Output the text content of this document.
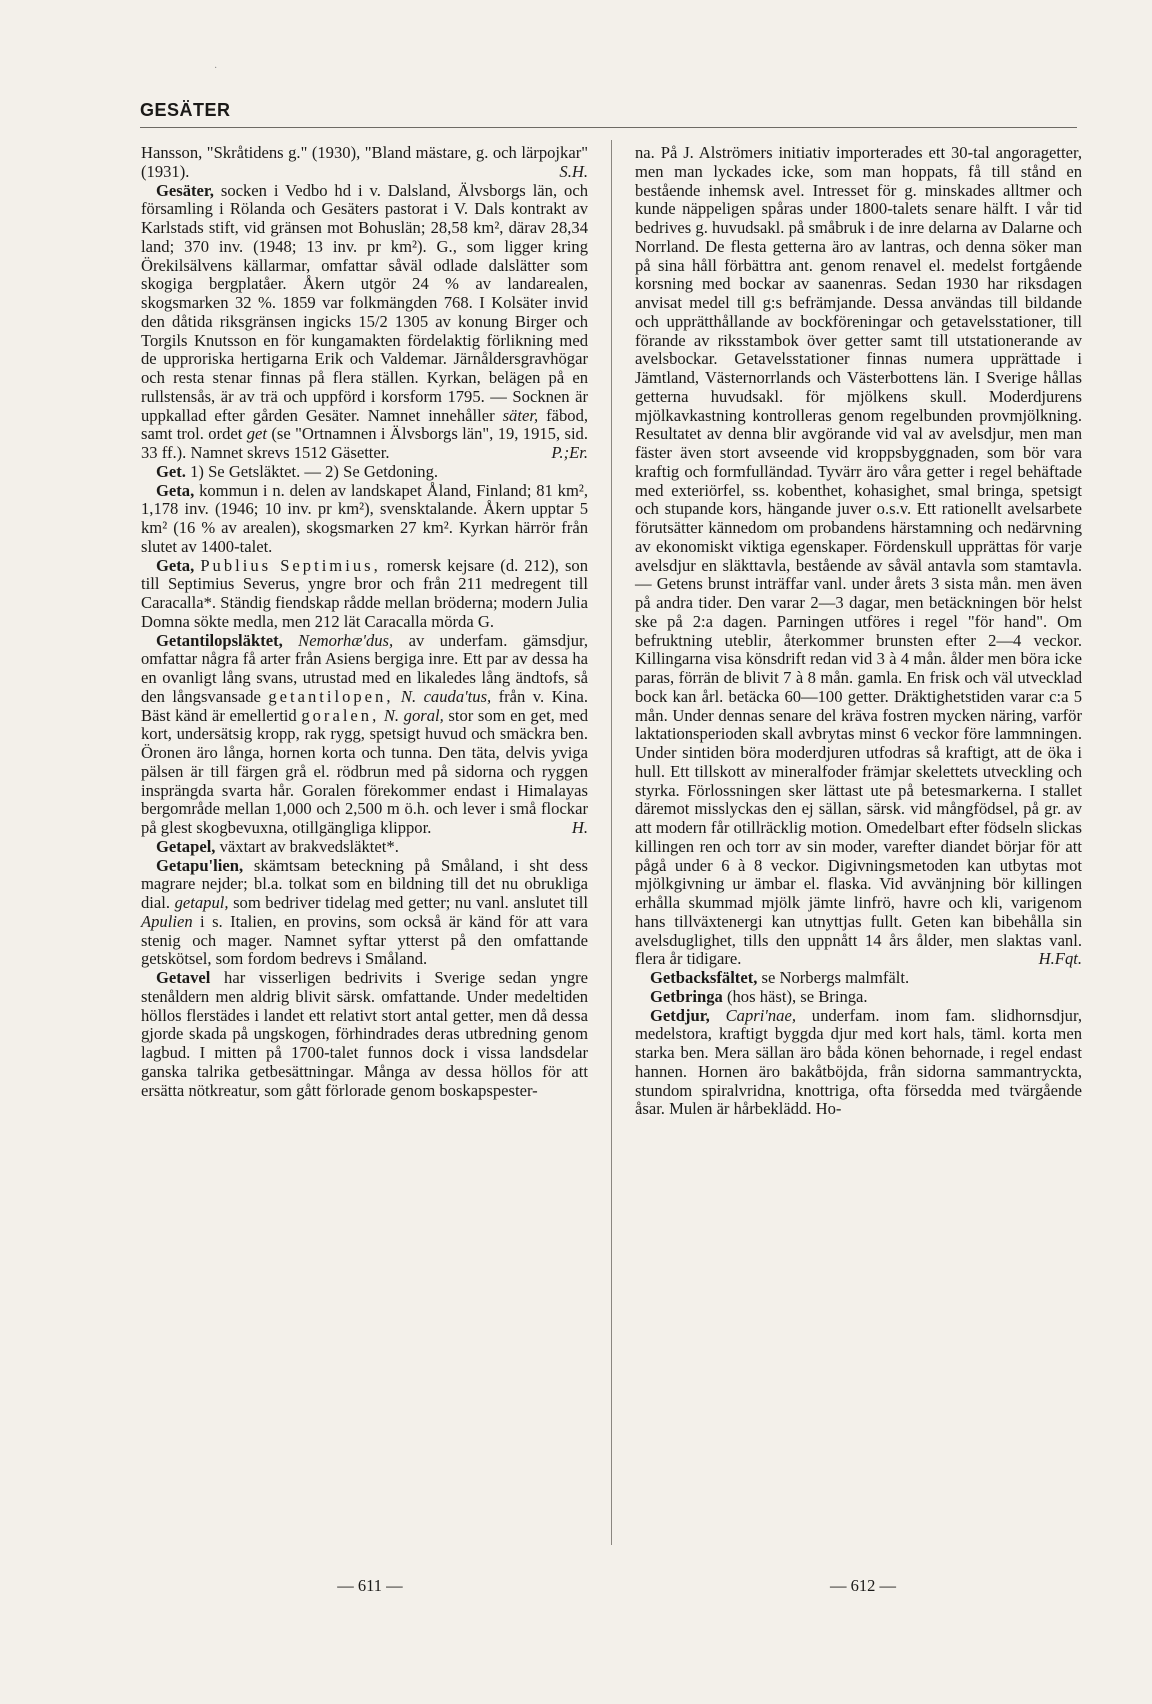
GESÄTER
·

Hansson, "Skråtidens g." (1930), "Bland mästare, g. och lärpojkar" (1931).	S.H.

Gesäter, socken i Vedbo hd i v. Dalsland, Älvsborgs län, och församling i Rölanda och Gesäters pastorat i V. Dals kontrakt av Karlstads stift, vid gränsen mot Bohuslän; 28,58 km², därav 28,34 land; 370 inv. (1948; 13 inv. pr km²). G., som ligger kring Örekilsälvens källarmar, omfattar såväl odlade dalslätter som skogiga bergplatåer. Åkern utgör 24 % av landarealen, skogsmarken 32 %. 1859 var folkmängden 768. I Kolsäter invid den dåtida riksgränsen ingicks 15/2 1305 av konung Birger och Torgils Knutsson en för kungamakten fördelaktig förlikning med de upproriska hertigarna Erik och Valdemar. Järnåldersgravhögar och resta stenar finnas på flera ställen. Kyrkan, belägen på en rullstensås, är av trä och uppförd i korsform 1795. — Socknen är uppkallad efter gården Gesäter. Namnet innehåller säter, fäbod, samt trol. ordet get (se "Ortnamnen i Älvsborgs län", 19, 1915, sid. 33 ff.). Namnet skrevs 1512 Gäsetter.	P.;Er.

Get. 1) Se Getsläktet. — 2) Se Getdoning.

Geta, kommun i n. delen av landskapet Åland, Finland; 81 km², 1,178 inv. (1946; 10 inv. pr km²), svensktalande. Åkern upptar 5 km² (16 % av arealen), skogsmarken 27 km². Kyrkan härrör från slutet av 1400-talet.

Geta, Publius Septimius, romersk kejsare (d. 212), son till Septimius Severus, yngre bror och från 211 medregent till Caracalla*. Ständig fiendskap rådde mellan bröderna; modern Julia Domna sökte medla, men 212 lät Caracalla mörda G.

Getantilopsläktet, Nemorhæ'dus, av underfam. gämsdjur, omfattar några få arter från Asiens bergiga inre. Ett par av dessa ha en ovanligt lång svans, utrustad med en likaledes lång ändtofs, så den långsvansade getantilopen, N. cauda'tus, från v. Kina. Bäst känd är emellertid goralen, N. goral, stor som en get, med kort, undersätsig kropp, rak rygg, spetsigt huvud och smäckra ben. Öronen äro långa, hornen korta och tunna. Den täta, delvis yviga pälsen är till färgen grå el. rödbrun med på sidorna och ryggen insprängda svarta hår. Goralen förekommer endast i Himalayas bergområde mellan 1,000 och 2,500 m ö.h. och lever i små flockar på glest skogbevuxna, otillgängliga klippor.	H.

Getapel, växtart av brakvedsläktet*.

Getapu'lien, skämtsam beteckning på Småland, i sht dess magrare nejder; bl.a. tolkat som en bildning till det nu obrukliga dial. getapul, som bedriver tidelag med getter; nu vanl. anslutet till Apulien i s. Italien, en provins, som också är känd för att vara stenig och mager. Namnet syftar ytterst på den omfattande getskötsel, som fordom bedrevs i Småland.

Getavel har visserligen bedrivits i Sverige sedan yngre stenåldern men aldrig blivit särsk. omfattande. Under medeltiden höllos flerstädes i landet ett relativt stort antal getter, men då dessa gjorde skada på ungskogen, förhindrades deras utbredning genom lagbud. I mitten på 1700-talet funnos dock i vissa landsdelar ganska talrika getbesättningar. Många av dessa höllos för att ersätta nötkreatur, som gått förlorade genom boskapspester-

na. På J. Alströmers initiativ importerades ett 30-tal angoragetter, men man lyckades icke, som man hoppats, få till stånd en bestående inhemsk avel. Intresset för g. minskades alltmer och kunde näppeligen spåras under 1800-talets senare hälft. I vår tid bedrives g. huvudsakl. på småbruk i de inre delarna av Dalarne och Norrland. De flesta getterna äro av lantras, och denna söker man på sina håll förbättra ant. genom renavel el. medelst fortgående korsning med bockar av saanenras. Sedan 1930 har riksdagen anvisat medel till g:s befrämjande. Dessa användas till bildande och upprätthållande av bockföreningar och getavelsstationer, till förande av riksstambok över getter samt till utstationerande av avelsbockar. Getavelsstationer finnas numera upprättade i Jämtland, Västernorrlands och Västerbottens län. I Sverige hållas getterna huvudsakl. för mjölkens skull. Moderdjurens mjölkavkastning kontrolleras genom regelbunden provmjölkning. Resultatet av denna blir avgörande vid val av avelsdjur, men man fäster även stort avseende vid kroppsbyggnaden, som bör vara kraftig och formfulländad. Tyvärr äro våra getter i regel behäftade med exteriörfel, ss. kobenthet, kohasighet, smal bringa, spetsigt och stupande kors, hängande juver o.s.v. Ett rationellt avelsarbete förutsätter kännedom om probandens härstamning och nedärvning av ekonomiskt viktiga egenskaper. Fördenskull upprättas för varje avelsdjur en släkttavla, bestående av såväl antavla som stamtavla. — Getens brunst inträffar vanl. under årets 3 sista mån. men även på andra tider. Den varar 2—3 dagar, men betäckningen bör helst ske på 2:a dagen. Parningen utföres i regel "för hand". Om befruktning uteblir, återkommer brunsten efter 2—4 veckor. Killingarna visa könsdrift redan vid 3 à 4 mån. ålder men böra icke paras, förrän de blivit 7 à 8 mån. gamla. En frisk och väl utvecklad bock kan årl. betäcka 60—100 getter. Dräktighetstiden varar c:a 5 mån. Under dennas senare del kräva fostren mycken näring, varför laktationsperioden skall avbrytas minst 6 veckor före lammningen. Under sintiden böra moderdjuren utfodras så kraftigt, att de öka i hull. Ett tillskott av mineralfoder främjar skelettets utveckling och styrka. Förlossningen sker lättast ute på betesmarkerna. I stallet däremot misslyckas den ej sällan, särsk. vid mångfödsel, på gr. av att modern får otillräcklig motion. Omedelbart efter födseln slickas killingen ren och torr av sin moder, varefter diandet börjar för att pågå under 6 à 8 veckor. Digivningsmetoden kan utbytas mot mjölkgivning ur ämbar el. flaska. Vid avvänjning bör killingen erhålla skummad mjölk jämte linfrö, havre och kli, varigenom hans tillväxtenergi kan utnyttjas fullt. Geten kan bibehålla sin avelsduglighet, tills den uppnått 14 års ålder, men slaktas vanl. flera år tidigare.	H.Fqt.

Getbacksfältet, se Norbergs malmfält.

Getbringa (hos häst), se Bringa.

Getdjur, Capri'nae, underfam. inom fam. slidhornsdjur, medelstora, kraftigt byggda djur med kort hals, täml. korta men starka ben. Mera sällan äro båda könen behornade, i regel endast hannen. Hornen äro bakåtböjda, från sidorna sammantryckta, stundom spiralvridna, knottriga, ofta försedda med tvärgående åsar. Mulen är hårbeklädd. Ho-

— 611 —	— 612 —
